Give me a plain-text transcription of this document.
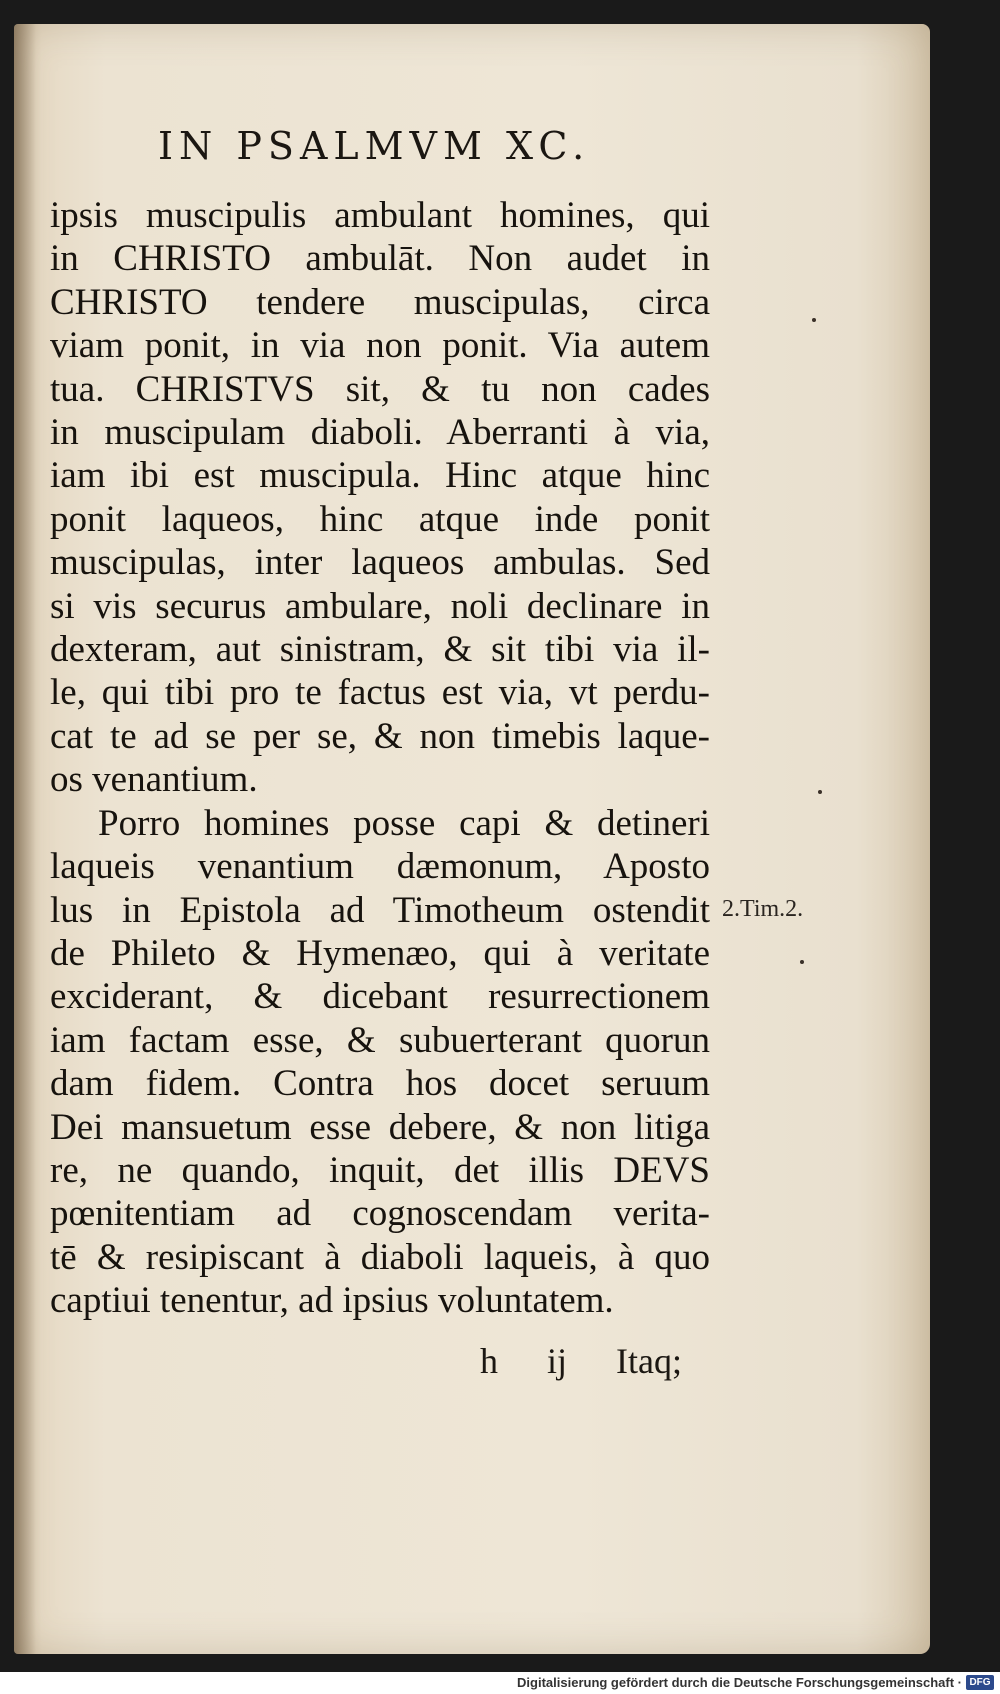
IN PSALMVM XC.
ipsis muscipulis ambulant homines, qui
in CHRISTO ambulāt. Non audet in
CHRISTO tendere muscipulas, circa
viam ponit, in via non ponit. Via autem
tua. CHRISTVS sit, & tu non cades
in muscipulam diaboli. Aberranti à via,
iam ibi est muscipula. Hinc atque hinc
ponit laqueos, hinc atque inde ponit
muscipulas, inter laqueos ambulas. Sed
si vis securus ambulare, noli declinare in
dexteram, aut sinistram, & sit tibi via il-
le, qui tibi pro te factus est via, vt perdu-
cat te ad se per se, & non timebis laque-
os venantium.
Porro homines posse capi & detineri
laqueis venantium dæmonum, Aposto
lus in Epistola ad Timotheum ostendit
de Phileto & Hymenæo, qui à veritate
exciderant, & dicebant resurrectionem
iam factam esse, & subuerterant quorun
dam fidem. Contra hos docet seruum
Dei mansuetum esse debere, & non litiga
re, ne quando, inquit, det illis DEVS
pœnitentiam ad cognoscendam verita-
tē & resipiscant à diaboli laqueis, à quo
captiui tenentur, ad ipsius voluntatem.
2.Tim.2.
h ij Itaq;
Digitalisierung gefördert durch die Deutsche Forschungsgemeinschaft · DFG
